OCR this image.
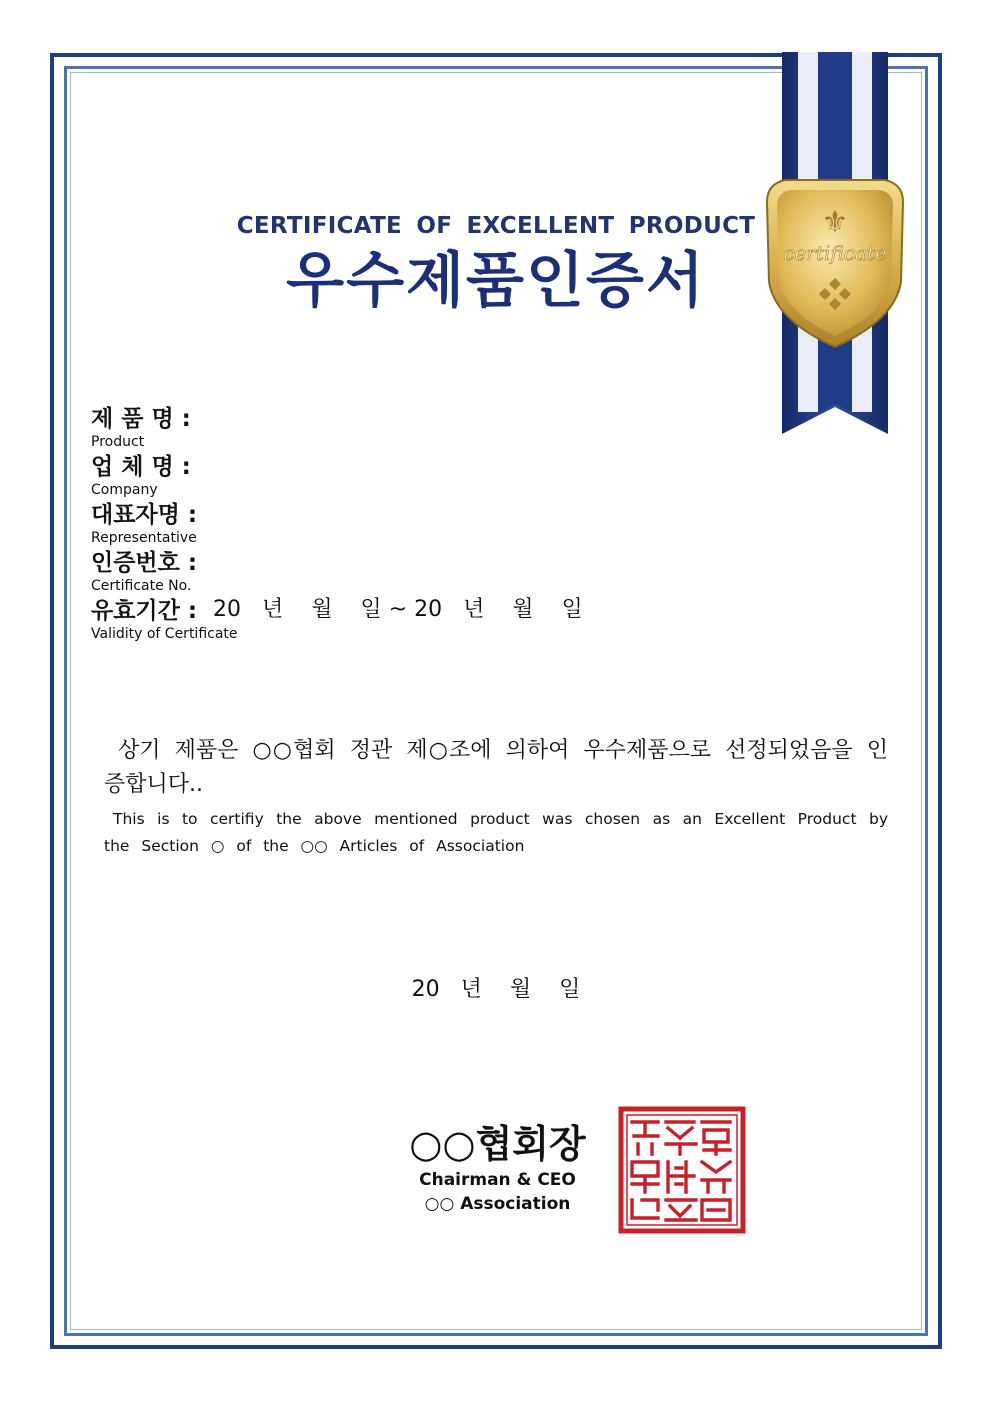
certificate
⚜
CERTIFICATE OF EXCELLENT PRODUCT
우수제품인증서
제 품 명 :
Product
업 체 명 :
Company
대표자명 :
Representative
인증번호 :
Certificate No.
유효기간 :
Validity of Certificate
20   년    월    일 ~ 20   년    월    일
상기 제품은 ○○협회 정관 제○조에 의하여 우수제품으로 선정되었음을 인증합니다..
This is to certifiy the above mentioned product was chosen as an Excellent Product by the Section ○ of the ○○ Articles of Association
20   년    월    일
○○협회장
Chairman & CEO
○○ Association
